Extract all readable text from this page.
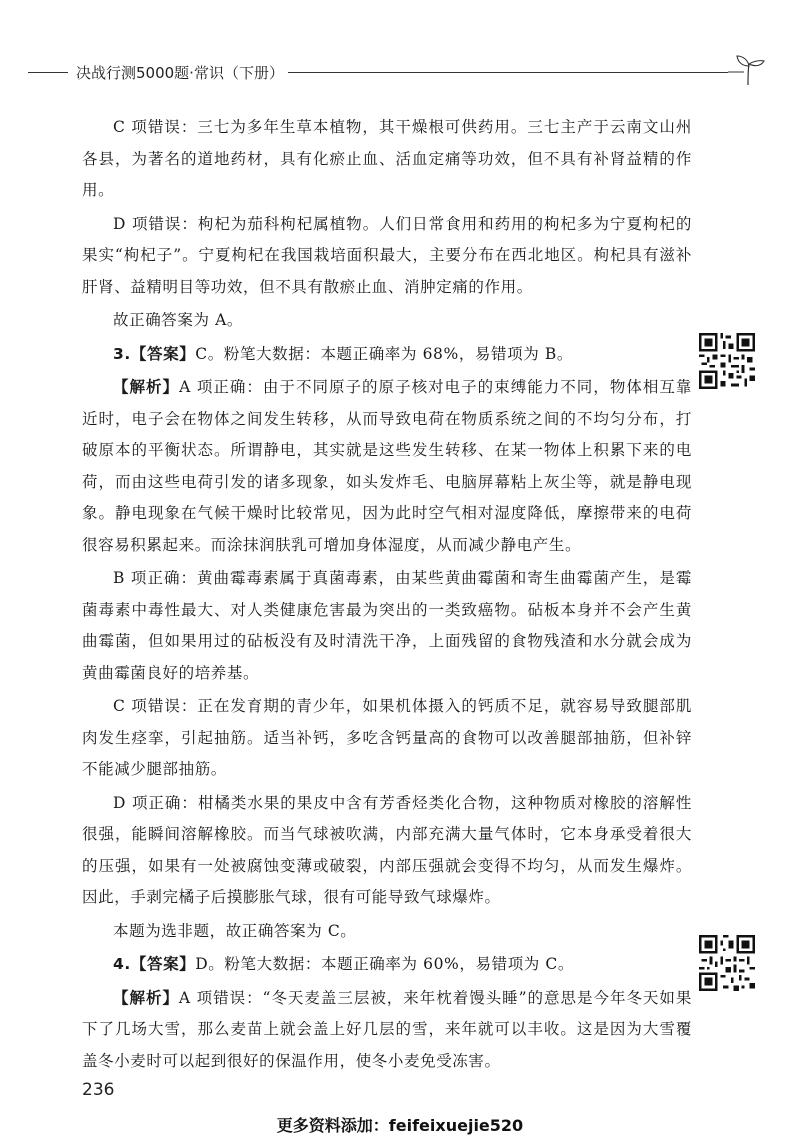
决战行测5000题·常识（下册）

C 项错误：三七为多年生草本植物，其干燥根可供药用。三七主产于云南文山州各县，为著名的道地药材，具有化瘀止血、活血定痛等功效，但不具有补肾益精的作用。

D 项错误：枸杞为茄科枸杞属植物。人们日常食用和药用的枸杞多为宁夏枸杞的果实“枸杞子”。宁夏枸杞在我国栽培面积最大，主要分布在西北地区。枸杞具有滋补肝肾、益精明目等功效，但不具有散瘀止血、消肿定痛的作用。

故正确答案为 A。

3.【答案】C。粉笔大数据：本题正确率为 68%，易错项为 B。

【解析】A 项正确：由于不同原子的原子核对电子的束缚能力不同，物体相互靠近时，电子会在物体之间发生转移，从而导致电荷在物质系统之间的不均匀分布，打破原本的平衡状态。所谓静电，其实就是这些发生转移、在某一物体上积累下来的电荷，而由这些电荷引发的诸多现象，如头发炸毛、电脑屏幕粘上灰尘等，就是静电现象。静电现象在气候干燥时比较常见，因为此时空气相对湿度降低，摩擦带来的电荷很容易积累起来。而涂抹润肤乳可增加身体湿度，从而减少静电产生。

B 项正确：黄曲霉毒素属于真菌毒素，由某些黄曲霉菌和寄生曲霉菌产生，是霉菌毒素中毒性最大、对人类健康危害最为突出的一类致癌物。砧板本身并不会产生黄曲霉菌，但如果用过的砧板没有及时清洗干净，上面残留的食物残渣和水分就会成为黄曲霉菌良好的培养基。

C 项错误：正在发育期的青少年，如果机体摄入的钙质不足，就容易导致腿部肌肉发生痉挛，引起抽筋。适当补钙，多吃含钙量高的食物可以改善腿部抽筋，但补锌不能减少腿部抽筋。

D 项正确：柑橘类水果的果皮中含有芳香烃类化合物，这种物质对橡胶的溶解性很强，能瞬间溶解橡胶。而当气球被吹满，内部充满大量气体时，它本身承受着很大的压强，如果有一处被腐蚀变薄或破裂，内部压强就会变得不均匀，从而发生爆炸。因此，手剥完橘子后摸膨胀气球，很有可能导致气球爆炸。

本题为选非题，故正确答案为 C。

4.【答案】D。粉笔大数据：本题正确率为 60%，易错项为 C。

【解析】A 项错误：“冬天麦盖三层被，来年枕着馒头睡”的意思是今年冬天如果下了几场大雪，那么麦苗上就会盖上好几层的雪，来年就可以丰收。这是因为大雪覆盖冬小麦时可以起到很好的保温作用，使冬小麦免受冻害。

236
更多资料添加：feifeixuejie520
